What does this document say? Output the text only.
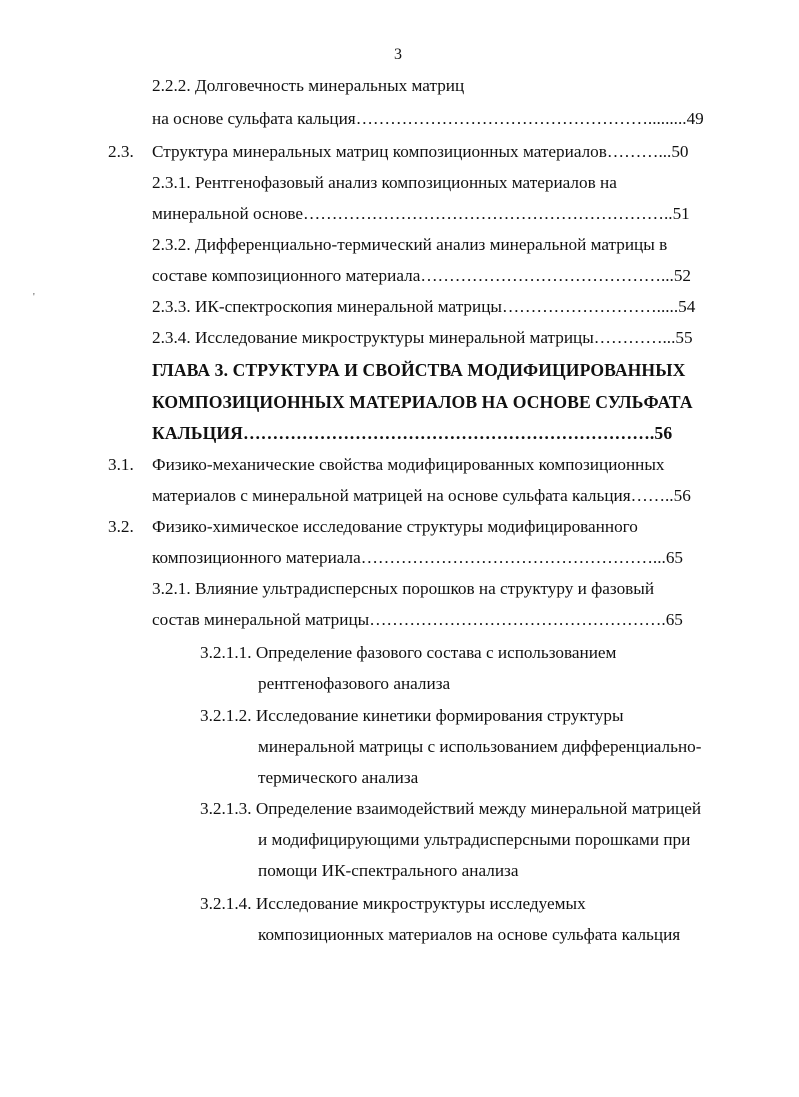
3
'
2.2.2. Долговечность минеральных матриц
на основе сульфата кальция…………………………………………….........49
2.3. Структура минеральных матриц композиционных материалов………...50
2.3.1. Рентгенофазовый анализ композиционных материалов на
минеральной основе………………………………………………………..51
2.3.2. Дифференциально-термический анализ минеральной матрицы в
составе композиционного материала……………………………………...52
2.3.3. ИК-спектроскопия минеральной матрицы……………………….....54
2.3.4. Исследование микроструктуры минеральной матрицы…………...55
ГЛАВА 3. СТРУКТУРА И СВОЙСТВА МОДИФИЦИРОВАННЫХ
КОМПОЗИЦИОННЫХ МАТЕРИАЛОВ НА ОСНОВЕ СУЛЬФАТА
КАЛЬЦИЯ…………………………………………………………….56
3.1. Физико-механические свойства модифицированных композиционных
материалов с минеральной матрицей на основе сульфата кальция……..56
3.2. Физико-химическое исследование структуры модифицированного
композиционного материала……………………………………………...65
3.2.1. Влияние ультрадисперсных порошков на структуру и фазовый
состав минеральной матрицы…………………………………………….65
3.2.1.1. Определение фазового состава с использованием
рентгенофазового анализа
3.2.1.2. Исследование кинетики формирования структуры
минеральной матрицы с использованием дифференциально-
термического анализа
3.2.1.3. Определение взаимодействий между минеральной матрицей
и модифицирующими ультрадисперсными порошками при
помощи ИК-спектрального анализа
3.2.1.4. Исследование микроструктуры исследуемых
композиционных материалов на основе сульфата кальция
